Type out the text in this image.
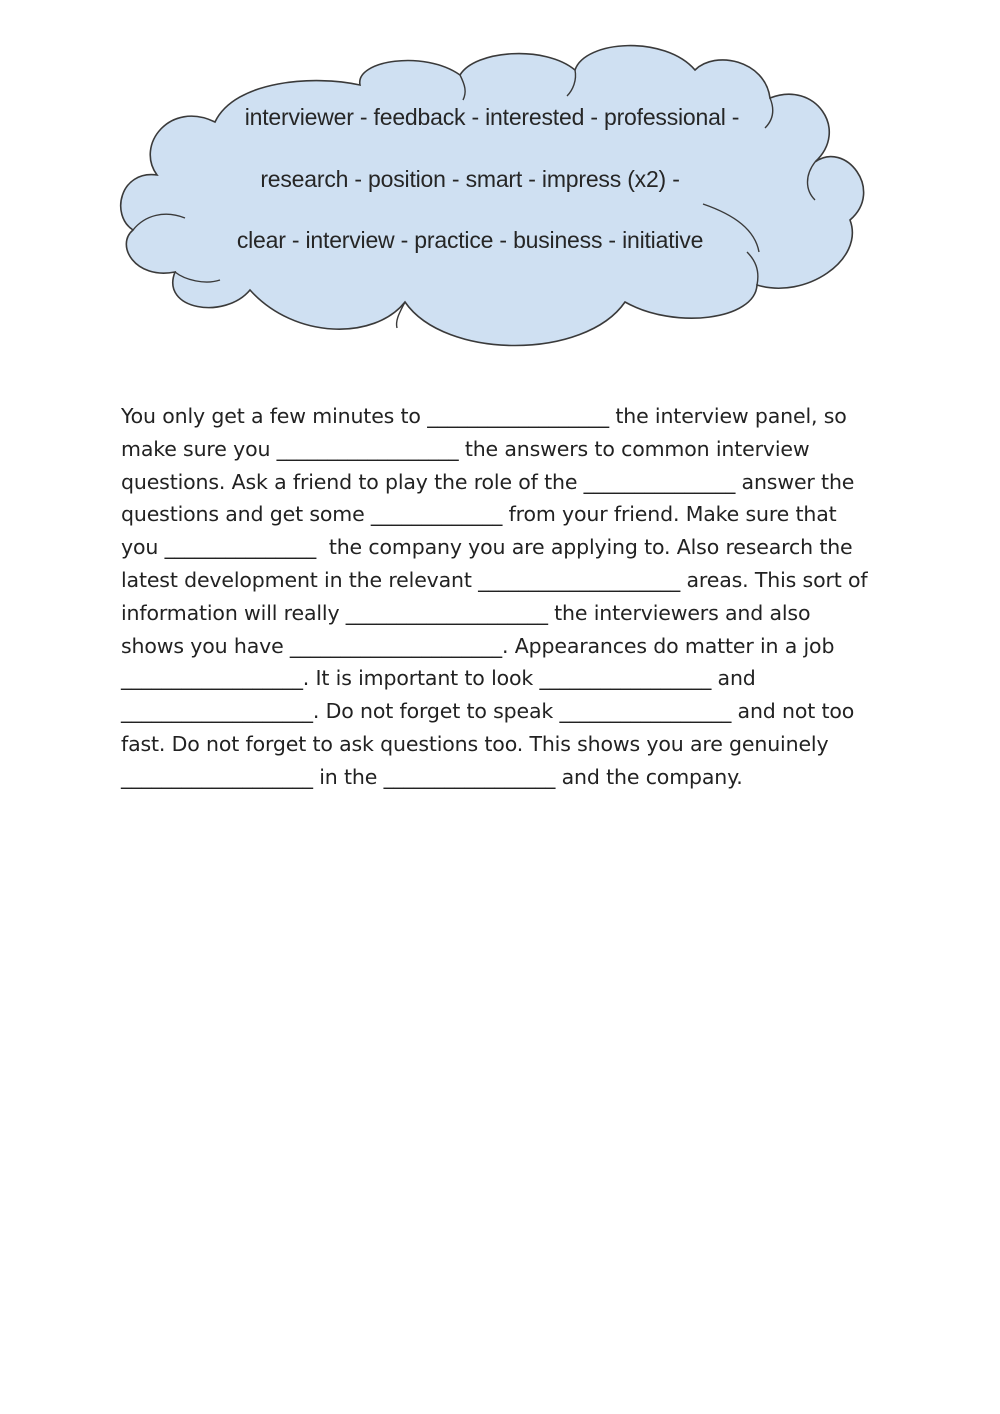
interviewer - feedback - interested - professional -
research - position - smart - impress (x2) -
clear - interview - practice - business - initiative
You only get a few minutes to __________________ the interview panel, so
make sure you __________________ the answers to common interview
questions. Ask a friend to play the role of the _______________ answer the
questions and get some _____________ from your friend. Make sure that
you _______________  the company you are applying to. Also research the
latest development in the relevant ____________________ areas. This sort of
information will really ____________________ the interviewers and also
shows you have _____________________. Appearances do matter in a job
__________________. It is important to look _________________ and
___________________. Do not forget to speak _________________ and not too
fast. Do not forget to ask questions too. This shows you are genuinely
___________________ in the _________________ and the company.
